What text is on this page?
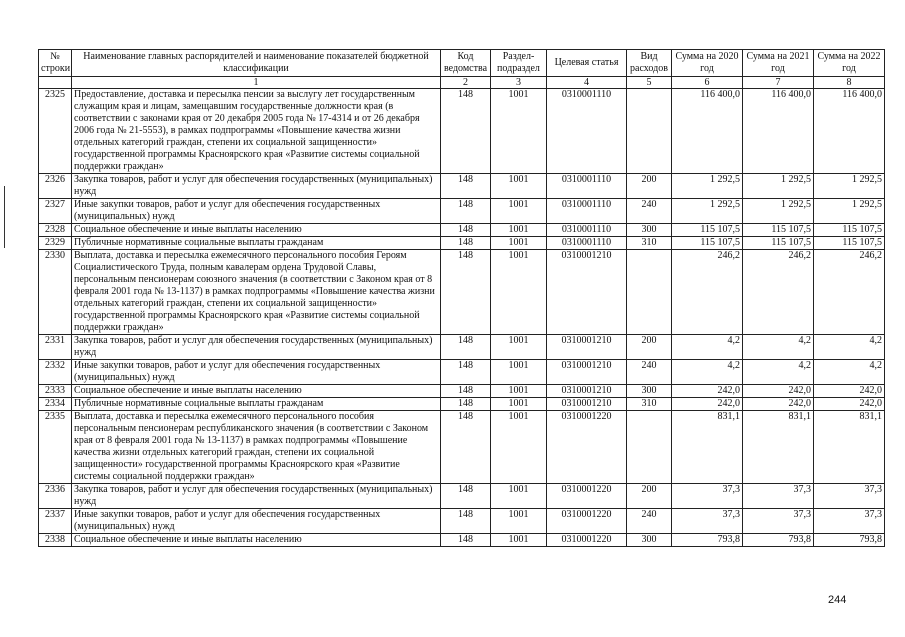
№ строки	Наименование главных распорядителей и наименование показателей бюджетной классификации	Код ведомства	Раздел-подраздел	Целевая статья	Вид расходов	Сумма на 2020 год	Сумма на 2021 год	Сумма на 2022 год
	1	2	3	4	5	6	7	8
2325	Предоставление, доставка и пересылка пенсии за выслугу лет государственным служащим края и лицам, замещавшим государственные должности края (в соответствии с законами края от 20 декабря 2005 года № 17-4314 и от 26 декабря 2006 года № 21-5553), в рамках подпрограммы «Повышение качества жизни отдельных категорий граждан, степени их социальной защищенности» государственной программы Красноярского края «Развитие системы социальной поддержки граждан»	148	1001	0310001110		116 400,0	116 400,0	116 400,0
2326	Закупка товаров, работ и услуг для обеспечения государственных (муниципальных) нужд	148	1001	0310001110	200	1 292,5	1 292,5	1 292,5
2327	Иные закупки товаров, работ и услуг для обеспечения государственных (муниципальных) нужд	148	1001	0310001110	240	1 292,5	1 292,5	1 292,5
2328	Социальное обеспечение и иные выплаты населению	148	1001	0310001110	300	115 107,5	115 107,5	115 107,5
2329	Публичные нормативные социальные выплаты гражданам	148	1001	0310001110	310	115 107,5	115 107,5	115 107,5
2330	Выплата, доставка и пересылка ежемесячного персонального пособия Героям Социалистического Труда, полным кавалерам ордена Трудовой Славы, персональным пенсионерам союзного значения (в соответствии с Законом края от 8 февраля 2001 года № 13-1137) в рамках подпрограммы «Повышение качества жизни отдельных категорий граждан, степени их социальной защищенности» государственной программы Красноярского края «Развитие системы социальной поддержки граждан»	148	1001	0310001210		246,2	246,2	246,2
2331	Закупка товаров, работ и услуг для обеспечения государственных (муниципальных) нужд	148	1001	0310001210	200	4,2	4,2	4,2
2332	Иные закупки товаров, работ и услуг для обеспечения государственных (муниципальных) нужд	148	1001	0310001210	240	4,2	4,2	4,2
2333	Социальное обеспечение и иные выплаты населению	148	1001	0310001210	300	242,0	242,0	242,0
2334	Публичные нормативные социальные выплаты гражданам	148	1001	0310001210	310	242,0	242,0	242,0
2335	Выплата, доставка и пересылка ежемесячного персонального пособия персональным пенсионерам республиканского значения (в соответствии с Законом края от 8 февраля 2001 года № 13-1137) в рамках подпрограммы «Повышение качества жизни отдельных категорий граждан, степени их социальной защищенности» государственной программы Красноярского края «Развитие системы социальной поддержки граждан»	148	1001	0310001220		831,1	831,1	831,1
2336	Закупка товаров, работ и услуг для обеспечения государственных (муниципальных) нужд	148	1001	0310001220	200	37,3	37,3	37,3
2337	Иные закупки товаров, работ и услуг для обеспечения государственных (муниципальных) нужд	148	1001	0310001220	240	37,3	37,3	37,3
2338	Социальное обеспечение и иные выплаты населению	148	1001	0310001220	300	793,8	793,8	793,8
244
